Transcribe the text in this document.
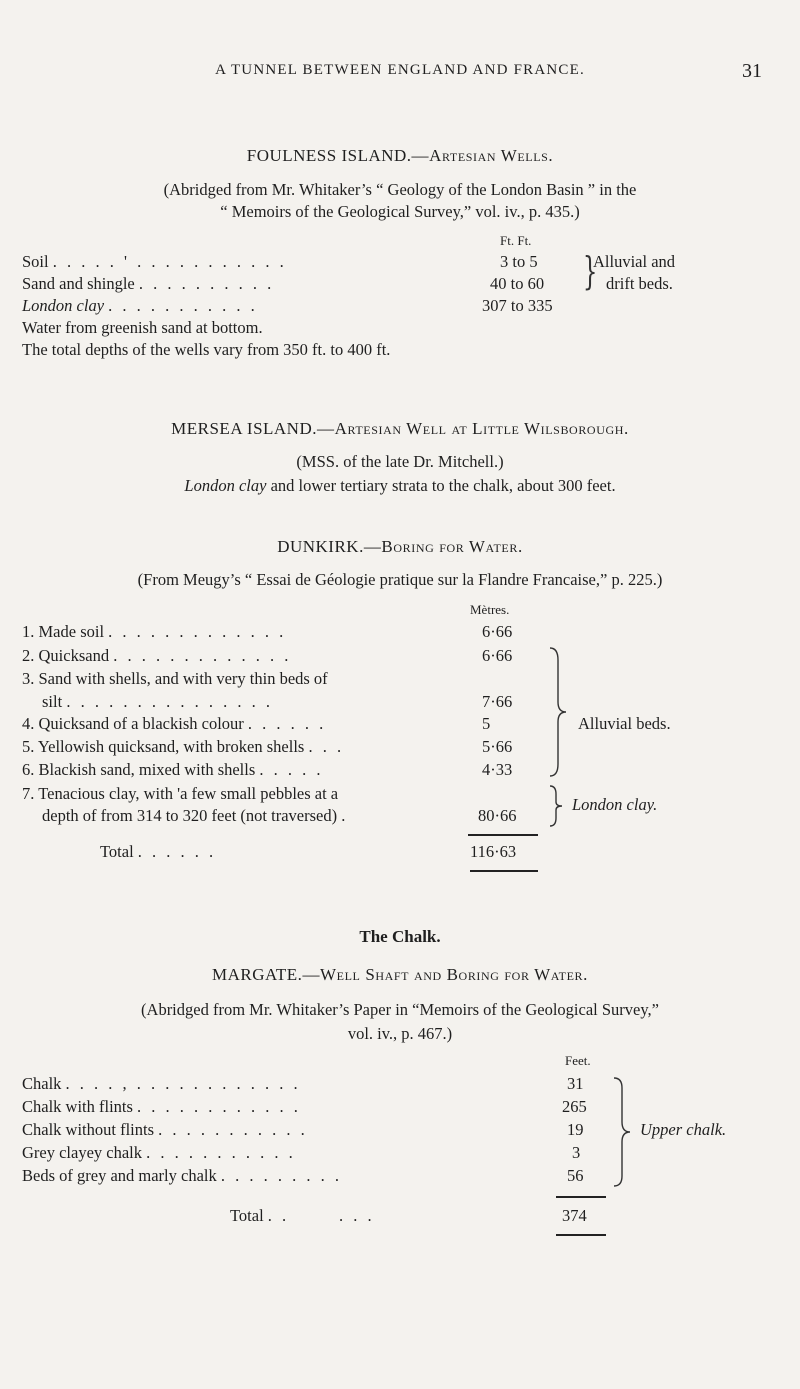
A TUNNEL BETWEEN ENGLAND AND FRANCE.	31
FOULNESS ISLAND.—Artesian Wells.
(Abridged from Mr. Whitaker’s “ Geology of the London Basin ” in the
“ Memoirs of the Geological Survey,” vol. iv., p. 435.)
Ft. Ft.
Soil . . . . . ' . . . . . . . . . . .	3 to 5
Sand and shingle . . . . . . . . . .	40 to 60
London clay . . . . . . . . . . .	307 to 335
}
Alluvial and
drift beds.
Water from greenish sand at bottom.
The total depths of the wells vary from 350 ft. to 400 ft.
MERSEA ISLAND.—Artesian Well at Little Wilsborough.
(MSS. of the late Dr. Mitchell.)
London clay and lower tertiary strata to the chalk, about 300 feet.
DUNKIRK.—Boring for Water.
(From Meugy’s “ Essai de Géologie pratique sur la Flandre Francaise,” p. 225.)
Mètres.
1. Made soil . . . . . . . . . . . . .	6·66
2. Quicksand . . . . . . . . . . . . .	6·66
3. Sand with shells, and with very thin beds of
silt . . . . . . . . . . . . . . .	7·66
4. Quicksand of a blackish colour . . . . . .	5
5. Yellowish quicksand, with broken shells . . .	5·66
6. Blackish sand, mixed with shells . . . . .	4·33
7. Tenacious clay, with 'a few small pebbles at a
depth of from 314 to 320 feet (not traversed) .	80·66
Alluvial beds.
London clay.
Total . . . . . .	116·63
The Chalk.
MARGATE.—Well Shaft and Boring for Water.
(Abridged from Mr. Whitaker’s Paper in “Memoirs of the Geological Survey,”
vol. iv., p. 467.)
Feet.
Chalk . . . . , . . . . . . . . . . . .	31
Chalk with flints . . . . . . . . . . . .	265
Chalk without flints . . . . . . . . . . .	19
Grey clayey chalk . . . . . . . . . . .	3
Beds of grey and marly chalk . . . . . . . . .	56
Upper chalk.
Total . .       . . .	374
